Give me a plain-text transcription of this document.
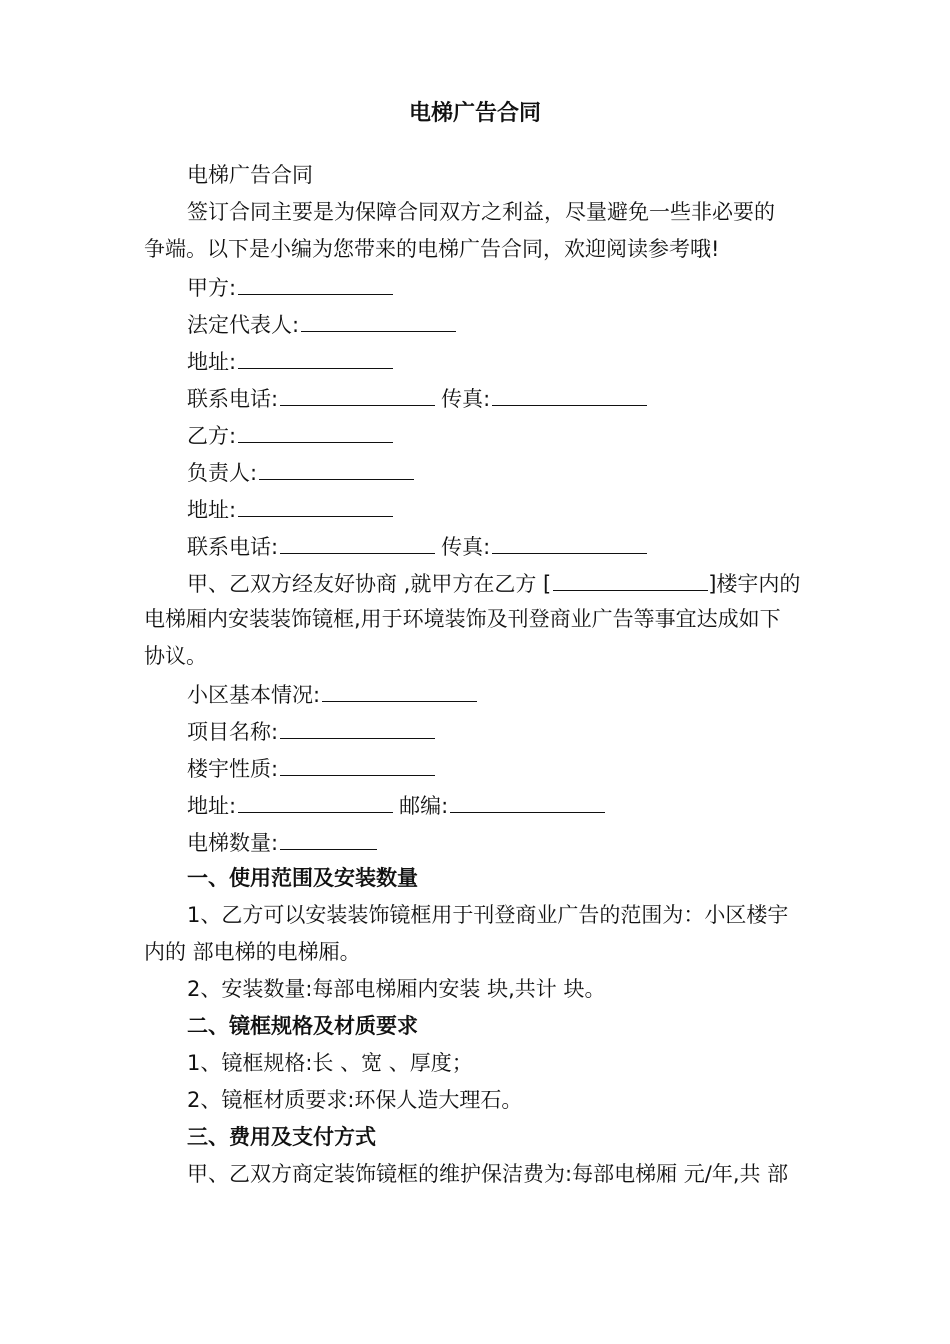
电梯广告合同
电梯广告合同
签订合同主要是为保障合同双方之利益，尽量避免一些非必要的
争端。以下是小编为您带来的电梯广告合同，欢迎阅读参考哦!
甲方:
法定代表人:
地址:
联系电话:	传真:
乙方:
负责人:
地址:
联系电话:	传真:
甲、乙双方经友好协商 ,就甲方在乙方 [	]楼宇内的
电梯厢内安装装饰镜框,用于环境装饰及刊登商业广告等事宜达成如下
协议。
小区基本情况:
项目名称:
楼宇性质:
地址:	邮编:
电梯数量:
一、使用范围及安装数量
1、乙方可以安装装饰镜框用于刊登商业广告的范围为：小区楼宇
内的 部电梯的电梯厢。
2、安装数量:每部电梯厢内安装 块,共计 块。
二、镜框规格及材质要求
1、镜框规格:长 、宽 、厚度；
2、镜框材质要求:环保人造大理石。
三、费用及支付方式
甲、乙双方商定装饰镜框的维护保洁费为:每部电梯厢 元/年,共 部
